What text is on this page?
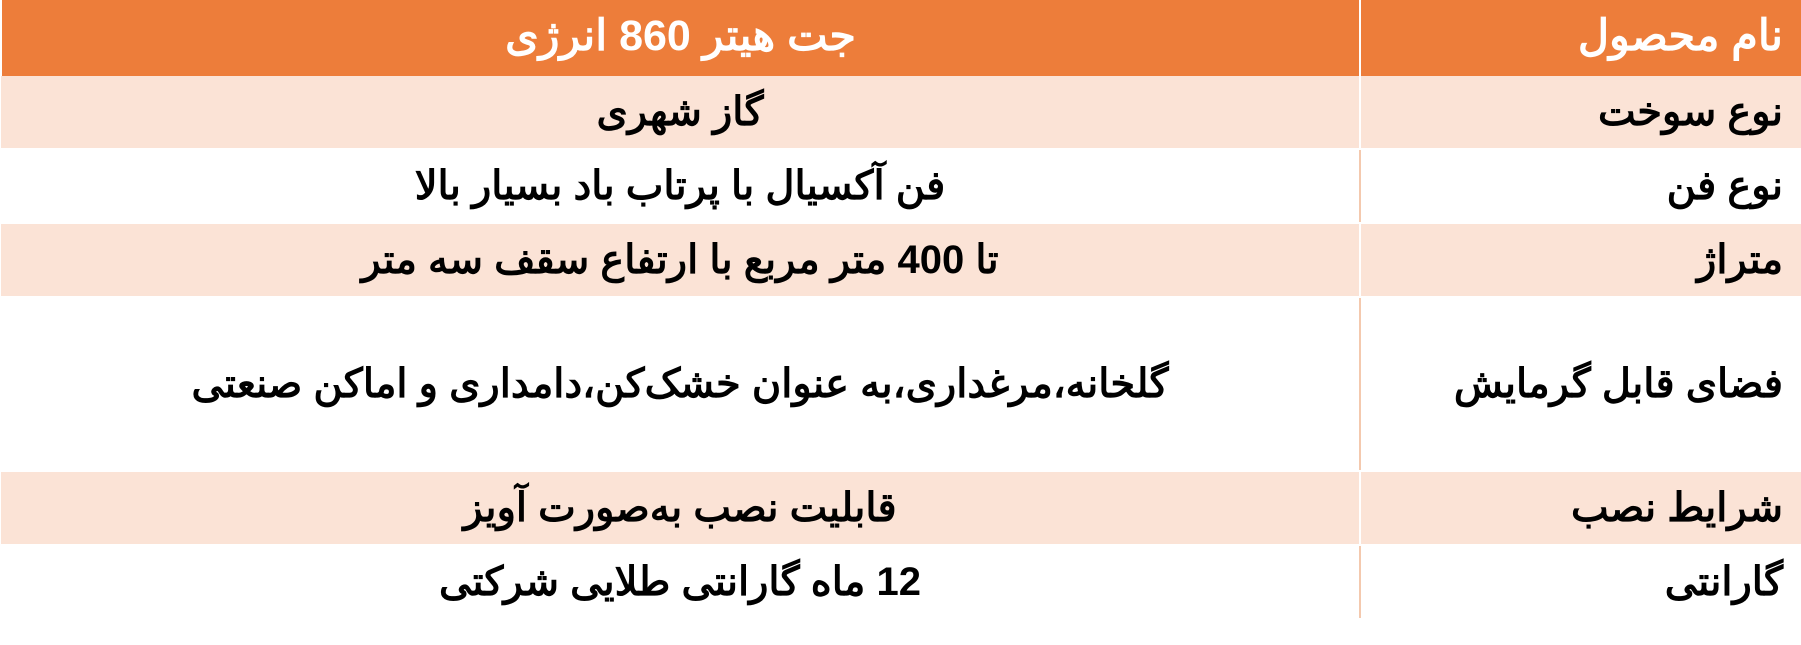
نام محصول	جت هیتر 860 انرژی
نوع سوخت	گاز شهری
نوع فن	فن آکسیال با پرتاب باد بسیار بالا
متراژ	تا 400 متر مربع با ارتفاع سقف سه متر
فضای قابل گرمایش	گلخانه،مرغداری،به عنوان خشک‌کن،دامداری و اماکن صنعتی
شرایط نصب	قابلیت نصب به‌صورت آویز
گارانتی	12 ماه گارانتی طلایی شرکتی
